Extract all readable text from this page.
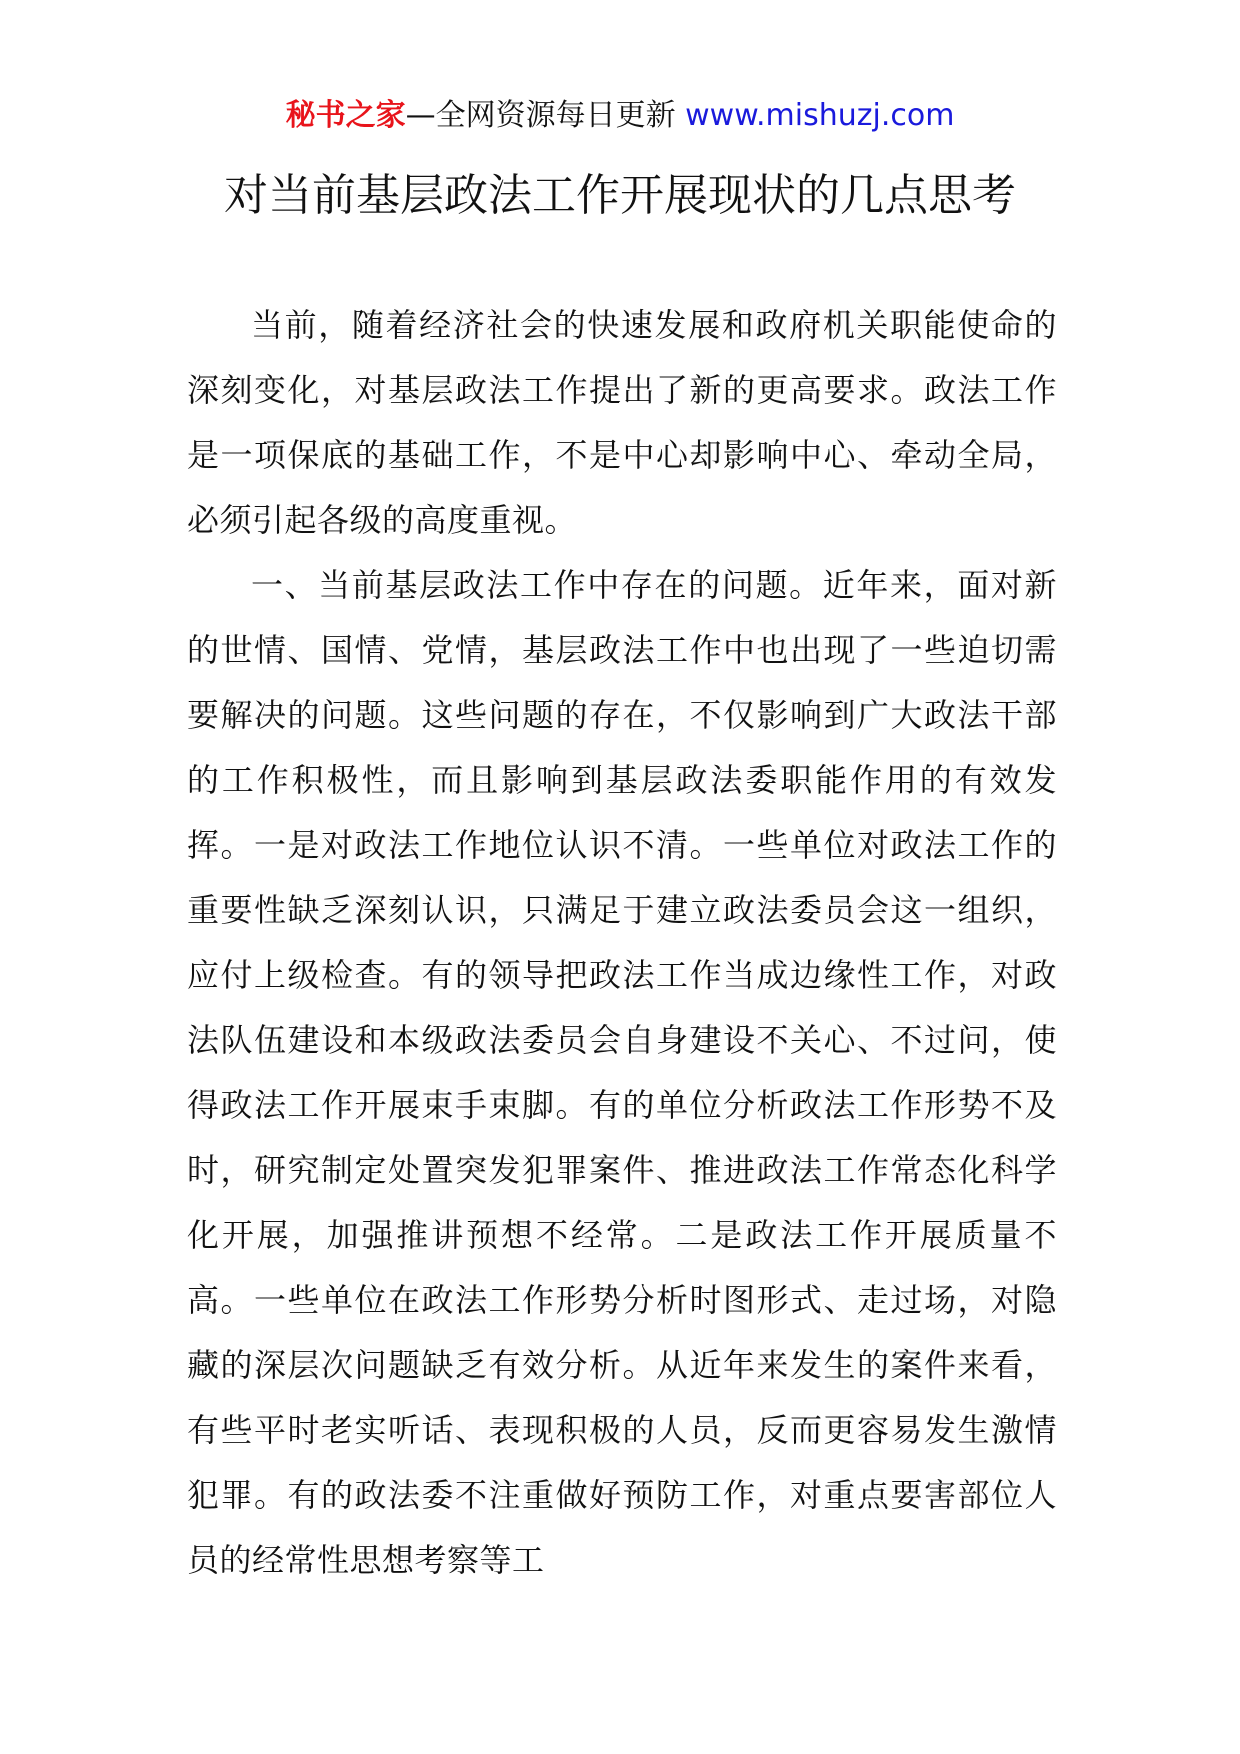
秘书之家—全网资源每日更新 www.mishuzj.com
对当前基层政法工作开展现状的几点思考

当前，随着经济社会的快速发展和政府机关职能使命的深刻变化，对基层政法工作提出了新的更高要求。政法工作是一项保底的基础工作，不是中心却影响中心、牵动全局，必须引起各级的高度重视。

一、当前基层政法工作中存在的问题。近年来，面对新的世情、国情、党情，基层政法工作中也出现了一些迫切需要解决的问题。这些问题的存在，不仅影响到广大政法干部的工作积极性，而且影响到基层政法委职能作用的有效发挥。一是对政法工作地位认识不清。一些单位对政法工作的重要性缺乏深刻认识，只满足于建立政法委员会这一组织，应付上级检查。有的领导把政法工作当成边缘性工作，对政法队伍建设和本级政法委员会自身建设不关心、不过问，使得政法工作开展束手束脚。有的单位分析政法工作形势不及时，研究制定处置突发犯罪案件、推进政法工作常态化科学化开展，加强推讲预想不经常。二是政法工作开展质量不高。一些单位在政法工作形势分析时图形式、走过场，对隐藏的深层次问题缺乏有效分析。从近年来发生的案件来看，有些平时老实听话、表现积极的人员，反而更容易发生激情犯罪。有的政法委不注重做好预防工作，对重点要害部位人员的经常性思想考察等工
